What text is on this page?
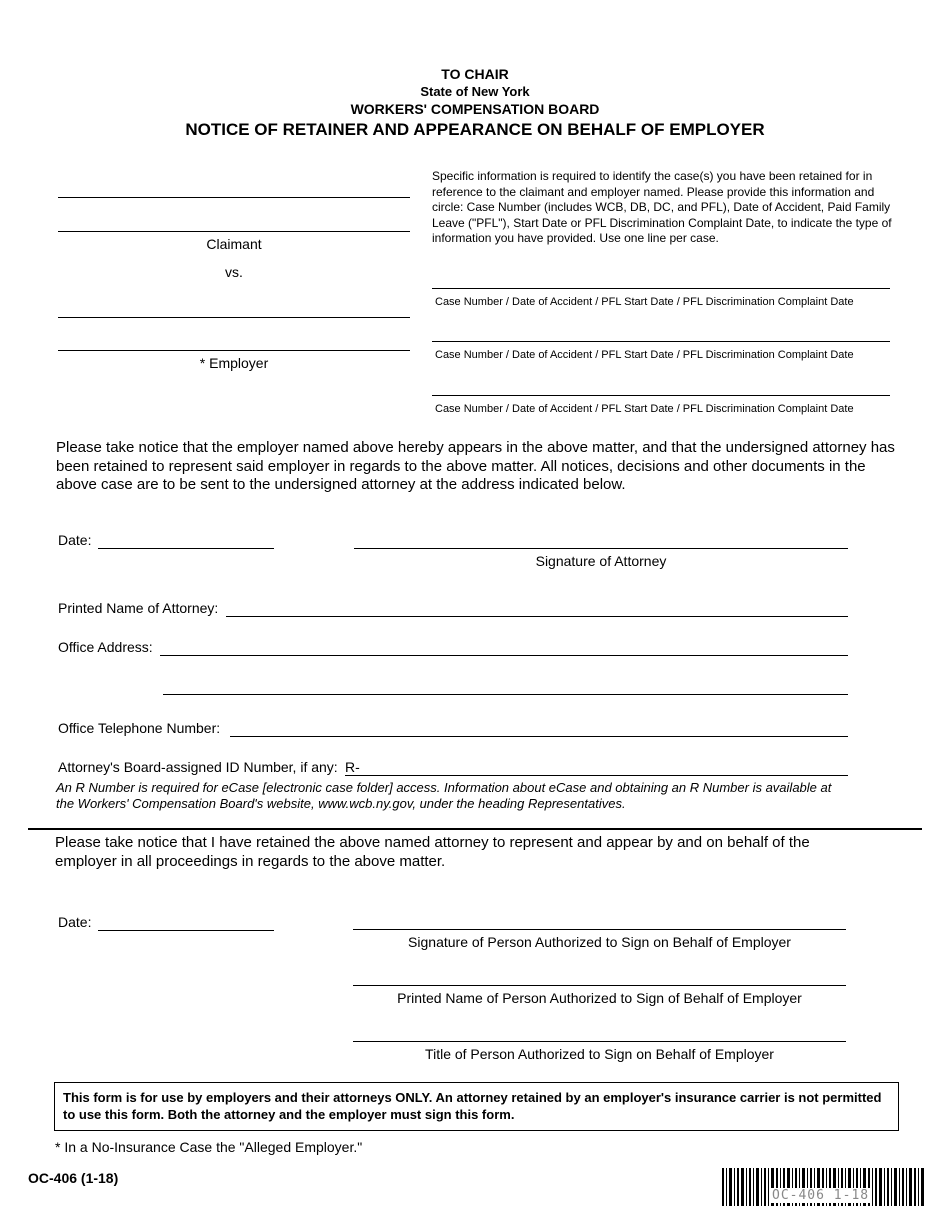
TO CHAIR
State of New York
WORKERS' COMPENSATION BOARD
NOTICE OF RETAINER AND APPEARANCE ON BEHALF OF EMPLOYER
Claimant
vs.
* Employer
Specific information is required to identify the case(s) you have been retained for in reference to the claimant and employer named. Please provide this information and circle: Case Number (includes WCB, DB, DC, and PFL), Date of Accident, Paid Family Leave ("PFL"), Start Date or PFL Discrimination Complaint Date, to indicate the type of information you have provided. Use one line per case.
Case Number / Date of Accident / PFL Start Date / PFL Discrimination Complaint Date
Case Number / Date of Accident / PFL Start Date / PFL Discrimination Complaint Date
Case Number / Date of Accident / PFL Start Date / PFL Discrimination Complaint Date
Please take notice that the employer named above hereby appears in the above matter, and that the undersigned attorney has been retained to represent said employer in regards to the above matter. All notices, decisions and other documents in the above case are to be sent to the undersigned attorney at the address indicated below.
Date:
Signature of Attorney
Printed Name of Attorney:
Office Address:
Office Telephone Number:
Attorney's Board-assigned ID Number, if any: R-
An R Number is required for eCase [electronic case folder] access. Information about eCase and obtaining an R Number is available at the Workers' Compensation Board's website, www.wcb.ny.gov, under the heading Representatives.
Please take notice that I have retained the above named attorney to represent and appear by and on behalf of the employer in all proceedings in regards to the above matter.
Date:
Signature of Person Authorized to Sign on Behalf of Employer
Printed Name of Person Authorized to Sign of Behalf of Employer
Title of Person Authorized to Sign on Behalf of Employer
This form is for use by employers and their attorneys ONLY. An attorney retained by an employer's insurance carrier is not permitted to use this form. Both the attorney and the employer must sign this form.
* In a No-Insurance Case the "Alleged Employer."
OC-406 (1-18)
OC-406 1-18
